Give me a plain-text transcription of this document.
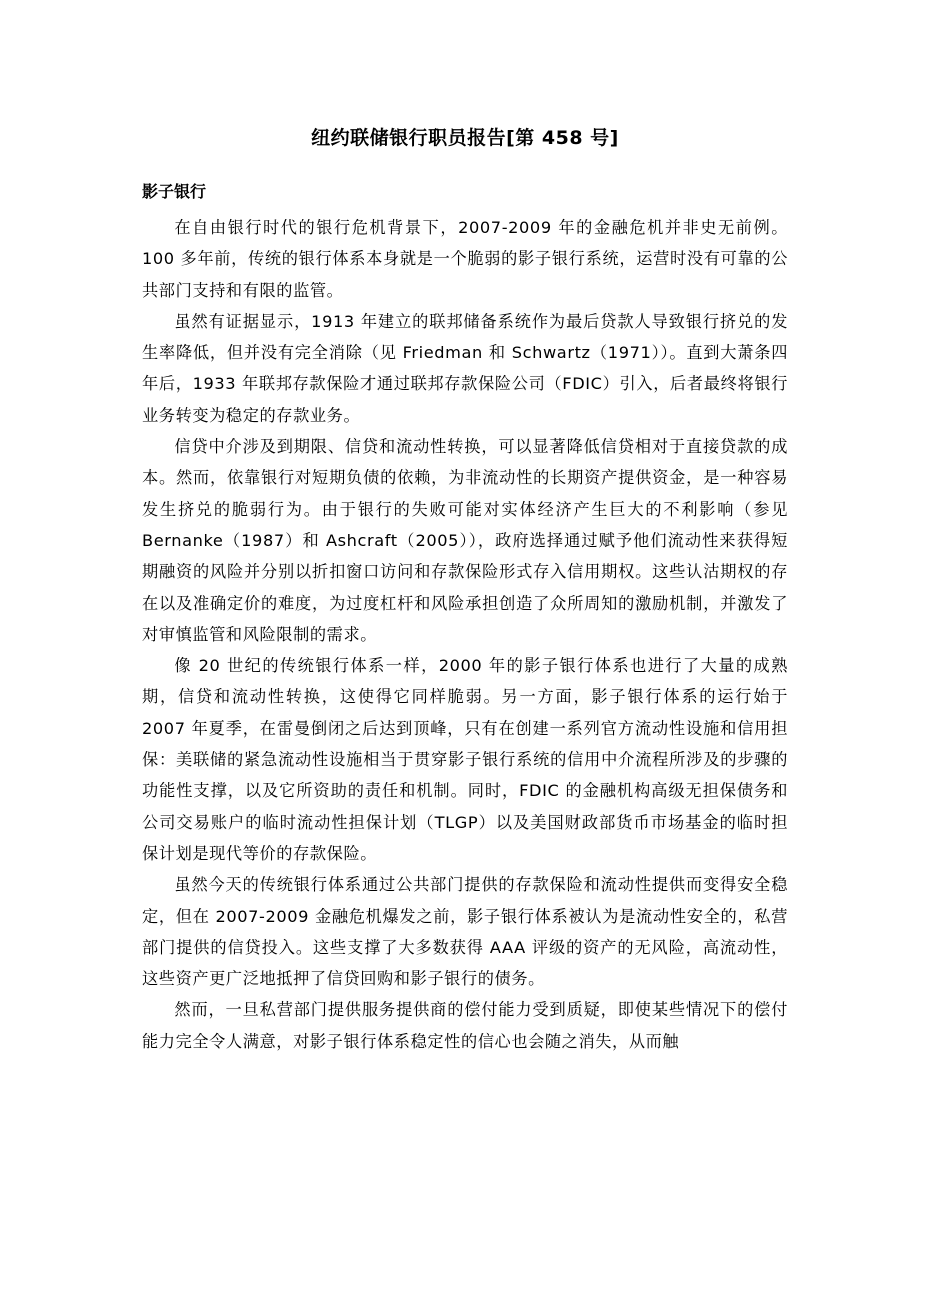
纽约联储银行职员报告[第 458 号]
影子银行

在自由银行时代的银行危机背景下，2007-2009 年的金融危机并非史无前例。100 多年前，传统的银行体系本身就是一个脆弱的影子银行系统，运营时没有可靠的公共部门支持和有限的监管。

虽然有证据显示，1913 年建立的联邦储备系统作为最后贷款人导致银行挤兑的发生率降低，但并没有完全消除（见 Friedman 和 Schwartz（1971））。直到大萧条四年后，1933 年联邦存款保险才通过联邦存款保险公司（FDIC）引入，后者最终将银行业务转变为稳定的存款业务。

信贷中介涉及到期限、信贷和流动性转换，可以显著降低信贷相对于直接贷款的成本。然而，依靠银行对短期负债的依赖，为非流动性的长期资产提供资金，是一种容易发生挤兑的脆弱行为。由于银行的失败可能对实体经济产生巨大的不利影响（参见 Bernanke（1987）和 Ashcraft（2005）），政府选择通过赋予他们流动性来获得短期融资的风险并分别以折扣窗口访问和存款保险形式存入信用期权。这些认沽期权的存在以及准确定价的难度，为过度杠杆和风险承担创造了众所周知的激励机制，并激发了对审慎监管和风险限制的需求。

像 20 世纪的传统银行体系一样，2000 年的影子银行体系也进行了大量的成熟期，信贷和流动性转换，这使得它同样脆弱。另一方面，影子银行体系的运行始于 2007 年夏季，在雷曼倒闭之后达到顶峰，只有在创建一系列官方流动性设施和信用担保：美联储的紧急流动性设施相当于贯穿影子银行系统的信用中介流程所涉及的步骤的功能性支撑，以及它所资助的责任和机制。同时，FDIC 的金融机构高级无担保债务和公司交易账户的临时流动性担保计划（TLGP）以及美国财政部货币市场基金的临时担保计划是现代等价的存款保险。

虽然今天的传统银行体系通过公共部门提供的存款保险和流动性提供而变得安全稳定，但在 2007-2009 金融危机爆发之前，影子银行体系被认为是流动性安全的，私营部门提供的信贷投入。这些支撑了大多数获得 AAA 评级的资产的无风险，高流动性，这些资产更广泛地抵押了信贷回购和影子银行的债务。

然而，一旦私营部门提供服务提供商的偿付能力受到质疑，即使某些情况下的偿付能力完全令人满意，对影子银行体系稳定性的信心也会随之消失，从而触
